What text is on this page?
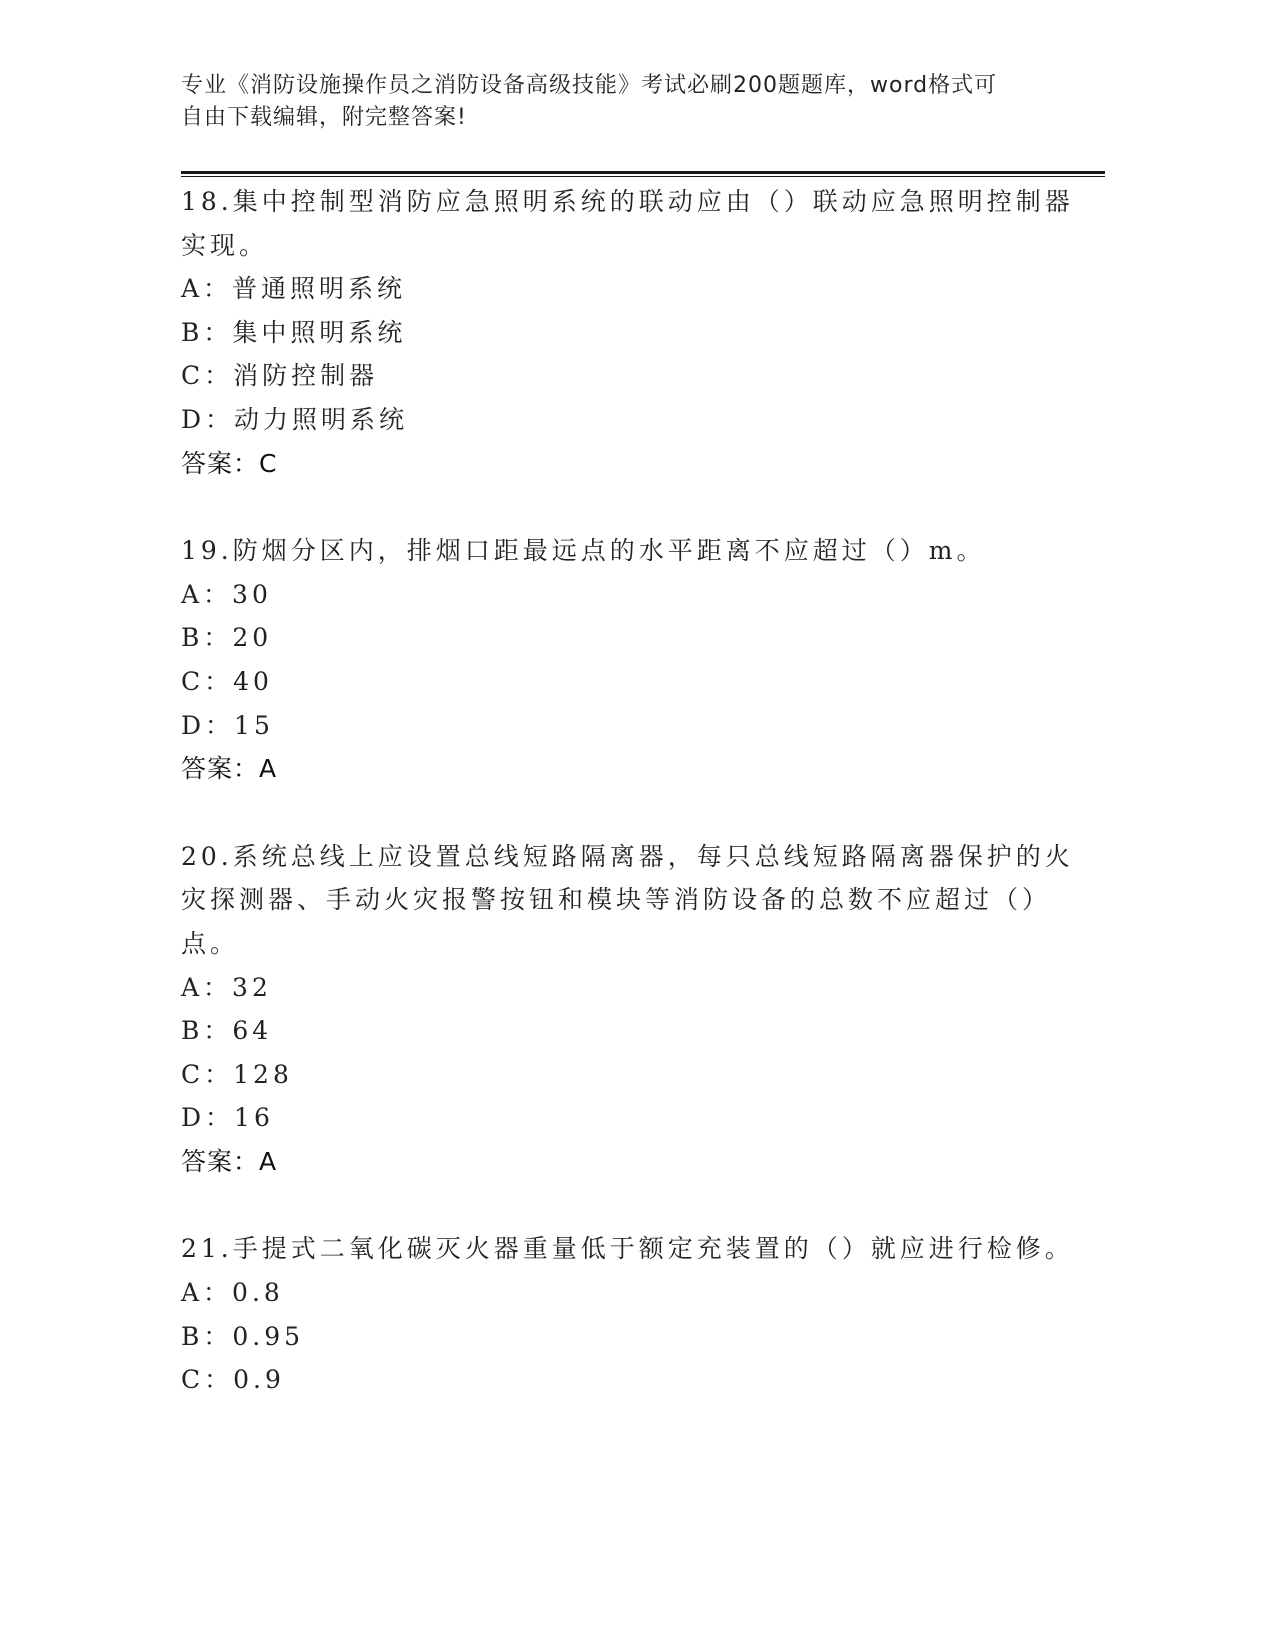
专业《消防设施操作员之消防设备高级技能》考试必刷200题题库，word格式可
自由下载编辑，附完整答案!
18.集中控制型消防应急照明系统的联动应由（）联动应急照明控制器
实现。
A：普通照明系统
B：集中照明系统
C：消防控制器
D：动力照明系统
答案：C
19.防烟分区内，排烟口距最远点的水平距离不应超过（）m。
A：30
B：20
C：40
D：15
答案：A
20.系统总线上应设置总线短路隔离器，每只总线短路隔离器保护的火
灾探测器、手动火灾报警按钮和模块等消防设备的总数不应超过（）
点。
A：32
B：64
C：128
D：16
答案：A
21.手提式二氧化碳灭火器重量低于额定充装置的（）就应进行检修。
A：0.8
B：0.95
C：0.9
